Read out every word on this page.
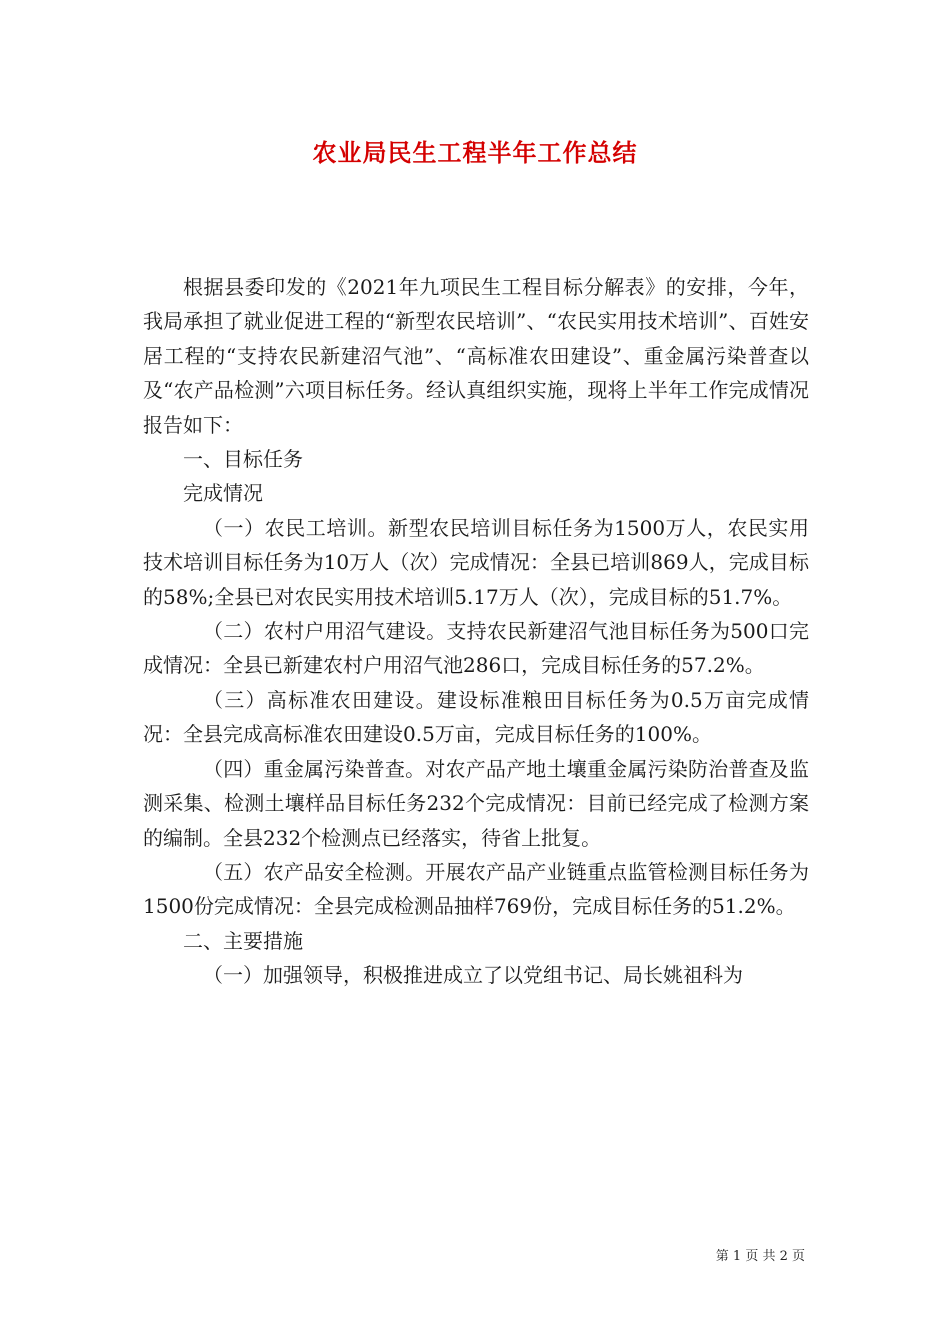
农业局民生工程半年工作总结

根据县委印发的《2021年九项民生工程目标分解表》的安排，今年，我局承担了就业促进工程的“新型农民培训”、“农民实用技术培训”、百姓安居工程的“支持农民新建沼气池”、“高标准农田建设”、重金属污染普查以及“农产品检测”六项目标任务。经认真组织实施，现将上半年工作完成情况报告如下：

一、目标任务

完成情况

（一）农民工培训。新型农民培训目标任务为1500万人，农民实用技术培训目标任务为10万人（次）完成情况：全县已培训869人，完成目标的58%;全县已对农民实用技术培训5.17万人（次），完成目标的51.7%。

（二）农村户用沼气建设。支持农民新建沼气池目标任务为500口完成情况：全县已新建农村户用沼气池286口，完成目标任务的57.2%。

（三）高标准农田建设。建设标准粮田目标任务为0.5万亩完成情况：全县完成高标准农田建设0.5万亩，完成目标任务的100%。

（四）重金属污染普查。对农产品产地土壤重金属污染防治普查及监测采集、检测土壤样品目标任务232个完成情况：目前已经完成了检测方案的编制。全县232个检测点已经落实，待省上批复。

（五）农产品安全检测。开展农产品产业链重点监管检测目标任务为1500份完成情况：全县完成检测品抽样769份，完成目标任务的51.2%。

二、主要措施

（一）加强领导，积极推进成立了以党组书记、局长姚祖科为

第 1 页 共 2 页
